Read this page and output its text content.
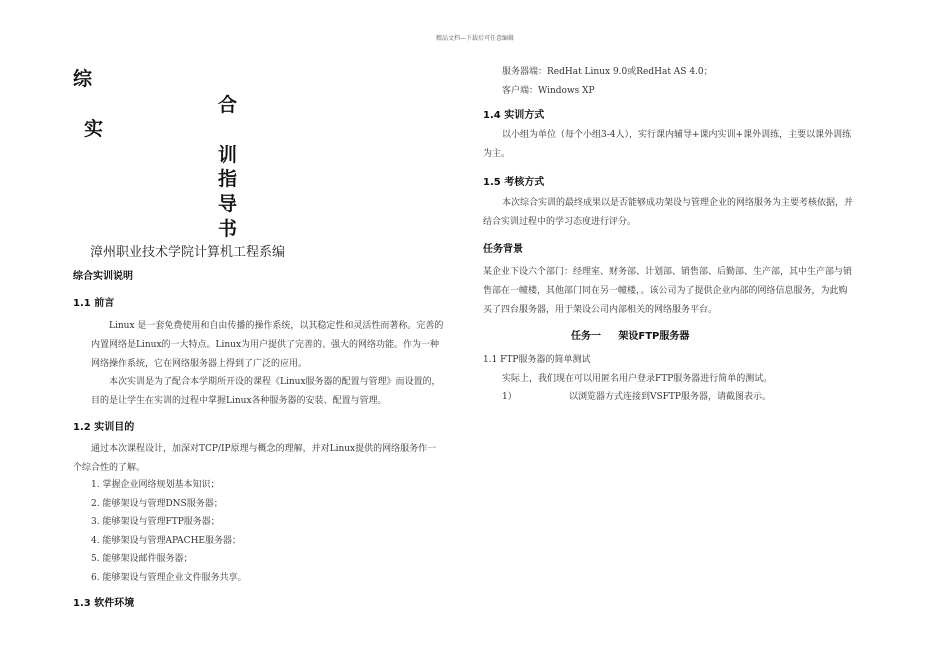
精品文档---下载后可任意编辑
综
实
合
训
指
导
书
漳州职业技术学院计算机工程系编
综合实训说明
1.1 前言
Linux 是一套免费使用和自由传播的操作系统，以其稳定性和灵活性而著称。完善的
内置网络是Linux的一大特点。Linux为用户提供了完善的、强大的网络功能。作为一种
网络操作系统，它在网络服务器上得到了广泛的应用。
本次实训是为了配合本学期所开设的课程《Linux服务器的配置与管理》而设置的，
目的是让学生在实训的过程中掌握Linux各种服务器的安装、配置与管理。
1.2 实训目的
通过本次课程设计，加深对TCP/IP原理与概念的理解，并对Linux提供的网络服务作一
个综合性的了解。
1. 掌握企业网络规划基本知识；
2. 能够架设与管理DNS服务器；
3. 能够架设与管理FTP服务器；
4. 能够架设与管理APACHE服务器；
5. 能够架设邮件服务器；
6. 能够架设与管理企业文件服务共享。
1.3 软件环境
服务器端：RedHat Linux 9.0或RedHat AS 4.0；
客户端：Windows XP
1.4 实训方式
以小组为单位（每个小组3-4人），实行课内辅导+课内实训+课外训练，主要以课外训练
为主。
1.5 考核方式
本次综合实训的最终成果以是否能够成功架设与管理企业的网络服务为主要考核依据，并
结合实训过程中的学习态度进行评分。
任务背景
某企业下设六个部门：经理室、财务部、计划部、销售部、后勤部、生产部，其中生产部与销
售部在一幢楼，其他部门同在另一幢楼，。该公司为了提供企业内部的网络信息服务，为此购
买了四台服务器，用于架设公司内部相关的网络服务平台。
任务一     架设FTP服务器
1.1 FTP服务器的简单测试
实际上，我们现在可以用匿名用户登录FTP服务器进行简单的测试。
1）	以浏览器方式连接到VSFTP服务器，请截图表示。
